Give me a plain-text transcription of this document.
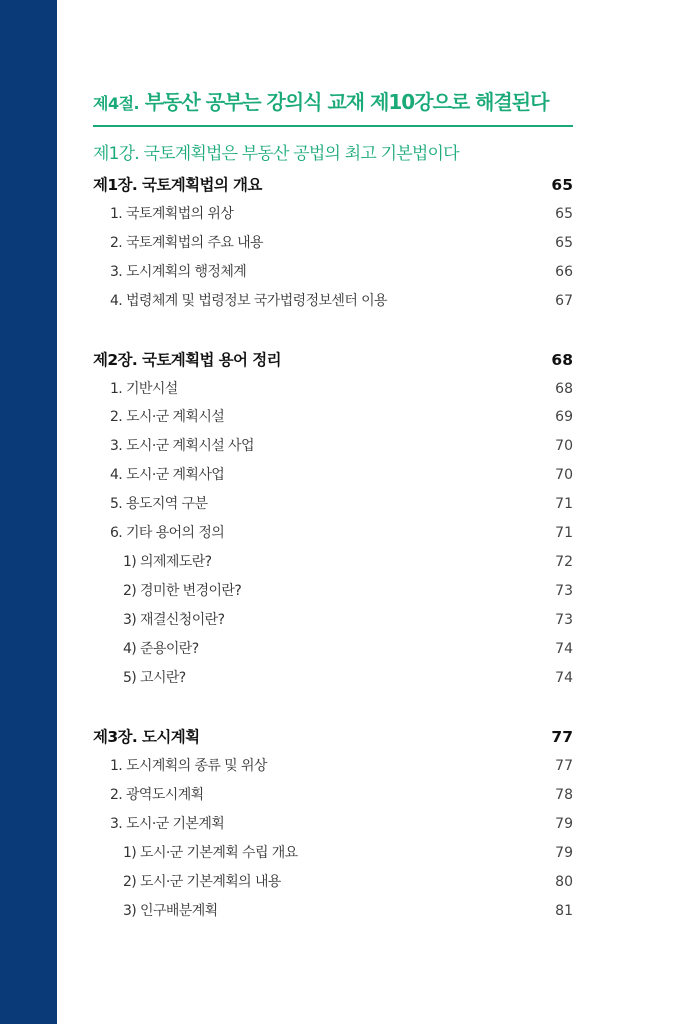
제4절. 부동산 공부는 강의식 교재 제10강으로 해결된다
제1강. 국토계획법은 부동산 공법의 최고 기본법이다
제1장. 국토계획법의 개요	65
1. 국토계획법의 위상	65
2. 국토계획법의 주요 내용	65
3. 도시계획의 행정체계	66
4. 법령체계 및 법령정보 국가법령정보센터 이용	67
제2장. 국토계획법 용어 정리	68
1. 기반시설	68
2. 도시·군 계획시설	69
3. 도시·군 계획시설 사업	70
4. 도시·군 계획사업	70
5. 용도지역 구분	71
6. 기타 용어의 정의	71
1) 의제제도란?	72
2) 경미한 변경이란?	73
3) 재결신청이란?	73
4) 준용이란?	74
5) 고시란?	74
제3장. 도시계획	77
1. 도시계획의 종류 및 위상	77
2. 광역도시계획	78
3. 도시·군 기본계획	79
1) 도시·군 기본계획 수립 개요	79
2) 도시·군 기본계획의 내용	80
3) 인구배분계획	81
